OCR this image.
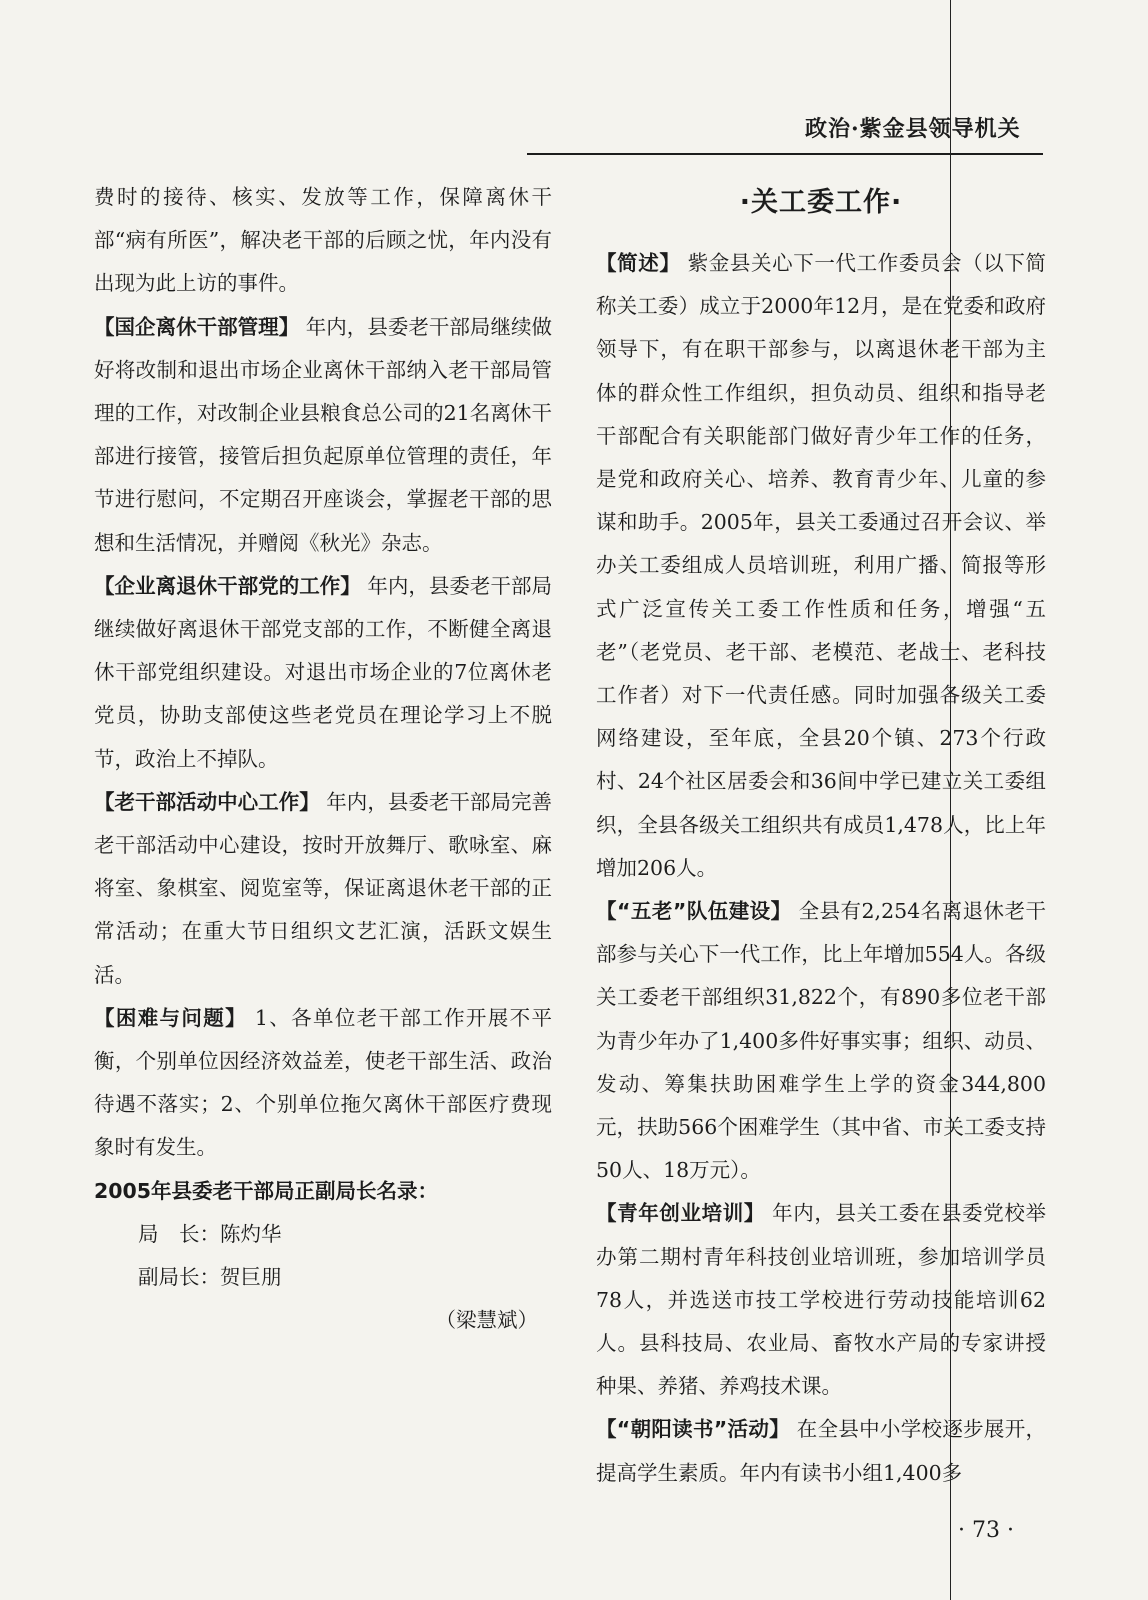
政治·紫金县领导机关

费时的接待、核实、发放等工作，保障离休干部“病有所医”，解决老干部的后顾之忧，年内没有出现为此上访的事件。

【国企离休干部管理】 年内，县委老干部局继续做好将改制和退出市场企业离休干部纳入老干部局管理的工作，对改制企业县粮食总公司的21名离休干部进行接管，接管后担负起原单位管理的责任，年节进行慰问，不定期召开座谈会，掌握老干部的思想和生活情况，并赠阅《秋光》杂志。

【企业离退休干部党的工作】 年内，县委老干部局继续做好离退休干部党支部的工作，不断健全离退休干部党组织建设。对退出市场企业的7位离休老党员，协助支部使这些老党员在理论学习上不脱节，政治上不掉队。

【老干部活动中心工作】 年内，县委老干部局完善老干部活动中心建设，按时开放舞厅、歌咏室、麻将室、象棋室、阅览室等，保证离退休老干部的正常活动；在重大节日组织文艺汇演，活跃文娱生活。

【困难与问题】 1、各单位老干部工作开展不平衡，个别单位因经济效益差，使老干部生活、政治待遇不落实；2、个别单位拖欠离休干部医疗费现象时有发生。

2005年县委老干部局正副局长名录：
局　长：陈灼华
副局长：贺巨朋
（梁慧斌）
·关工委工作·

【简述】 紫金县关心下一代工作委员会（以下简称关工委）成立于2000年12月，是在党委和政府领导下，有在职干部参与，以离退休老干部为主体的群众性工作组织，担负动员、组织和指导老干部配合有关职能部门做好青少年工作的任务，是党和政府关心、培养、教育青少年、儿童的参谋和助手。2005年，县关工委通过召开会议、举办关工委组成人员培训班，利用广播、简报等形式广泛宣传关工委工作性质和任务，增强“五老”（老党员、老干部、老模范、老战士、老科技工作者）对下一代责任感。同时加强各级关工委网络建设，至年底，全县20个镇、273个行政村、24个社区居委会和36间中学已建立关工委组织，全县各级关工组织共有成员1,478人，比上年增加206人。

【“五老”队伍建设】 全县有2,254名离退休老干部参与关心下一代工作，比上年增加554人。各级关工委老干部组织31,822个，有890多位老干部为青少年办了1,400多件好事实事；组织、动员、发动、筹集扶助困难学生上学的资金344,800元，扶助566个困难学生（其中省、市关工委支持50人、18万元）。

【青年创业培训】 年内，县关工委在县委党校举办第二期村青年科技创业培训班，参加培训学员78人，并选送市技工学校进行劳动技能培训62人。县科技局、农业局、畜牧水产局的专家讲授种果、养猪、养鸡技术课。

【“朝阳读书”活动】 在全县中小学校逐步展开，提高学生素质。年内有读书小组1,400多

· 73 ·
